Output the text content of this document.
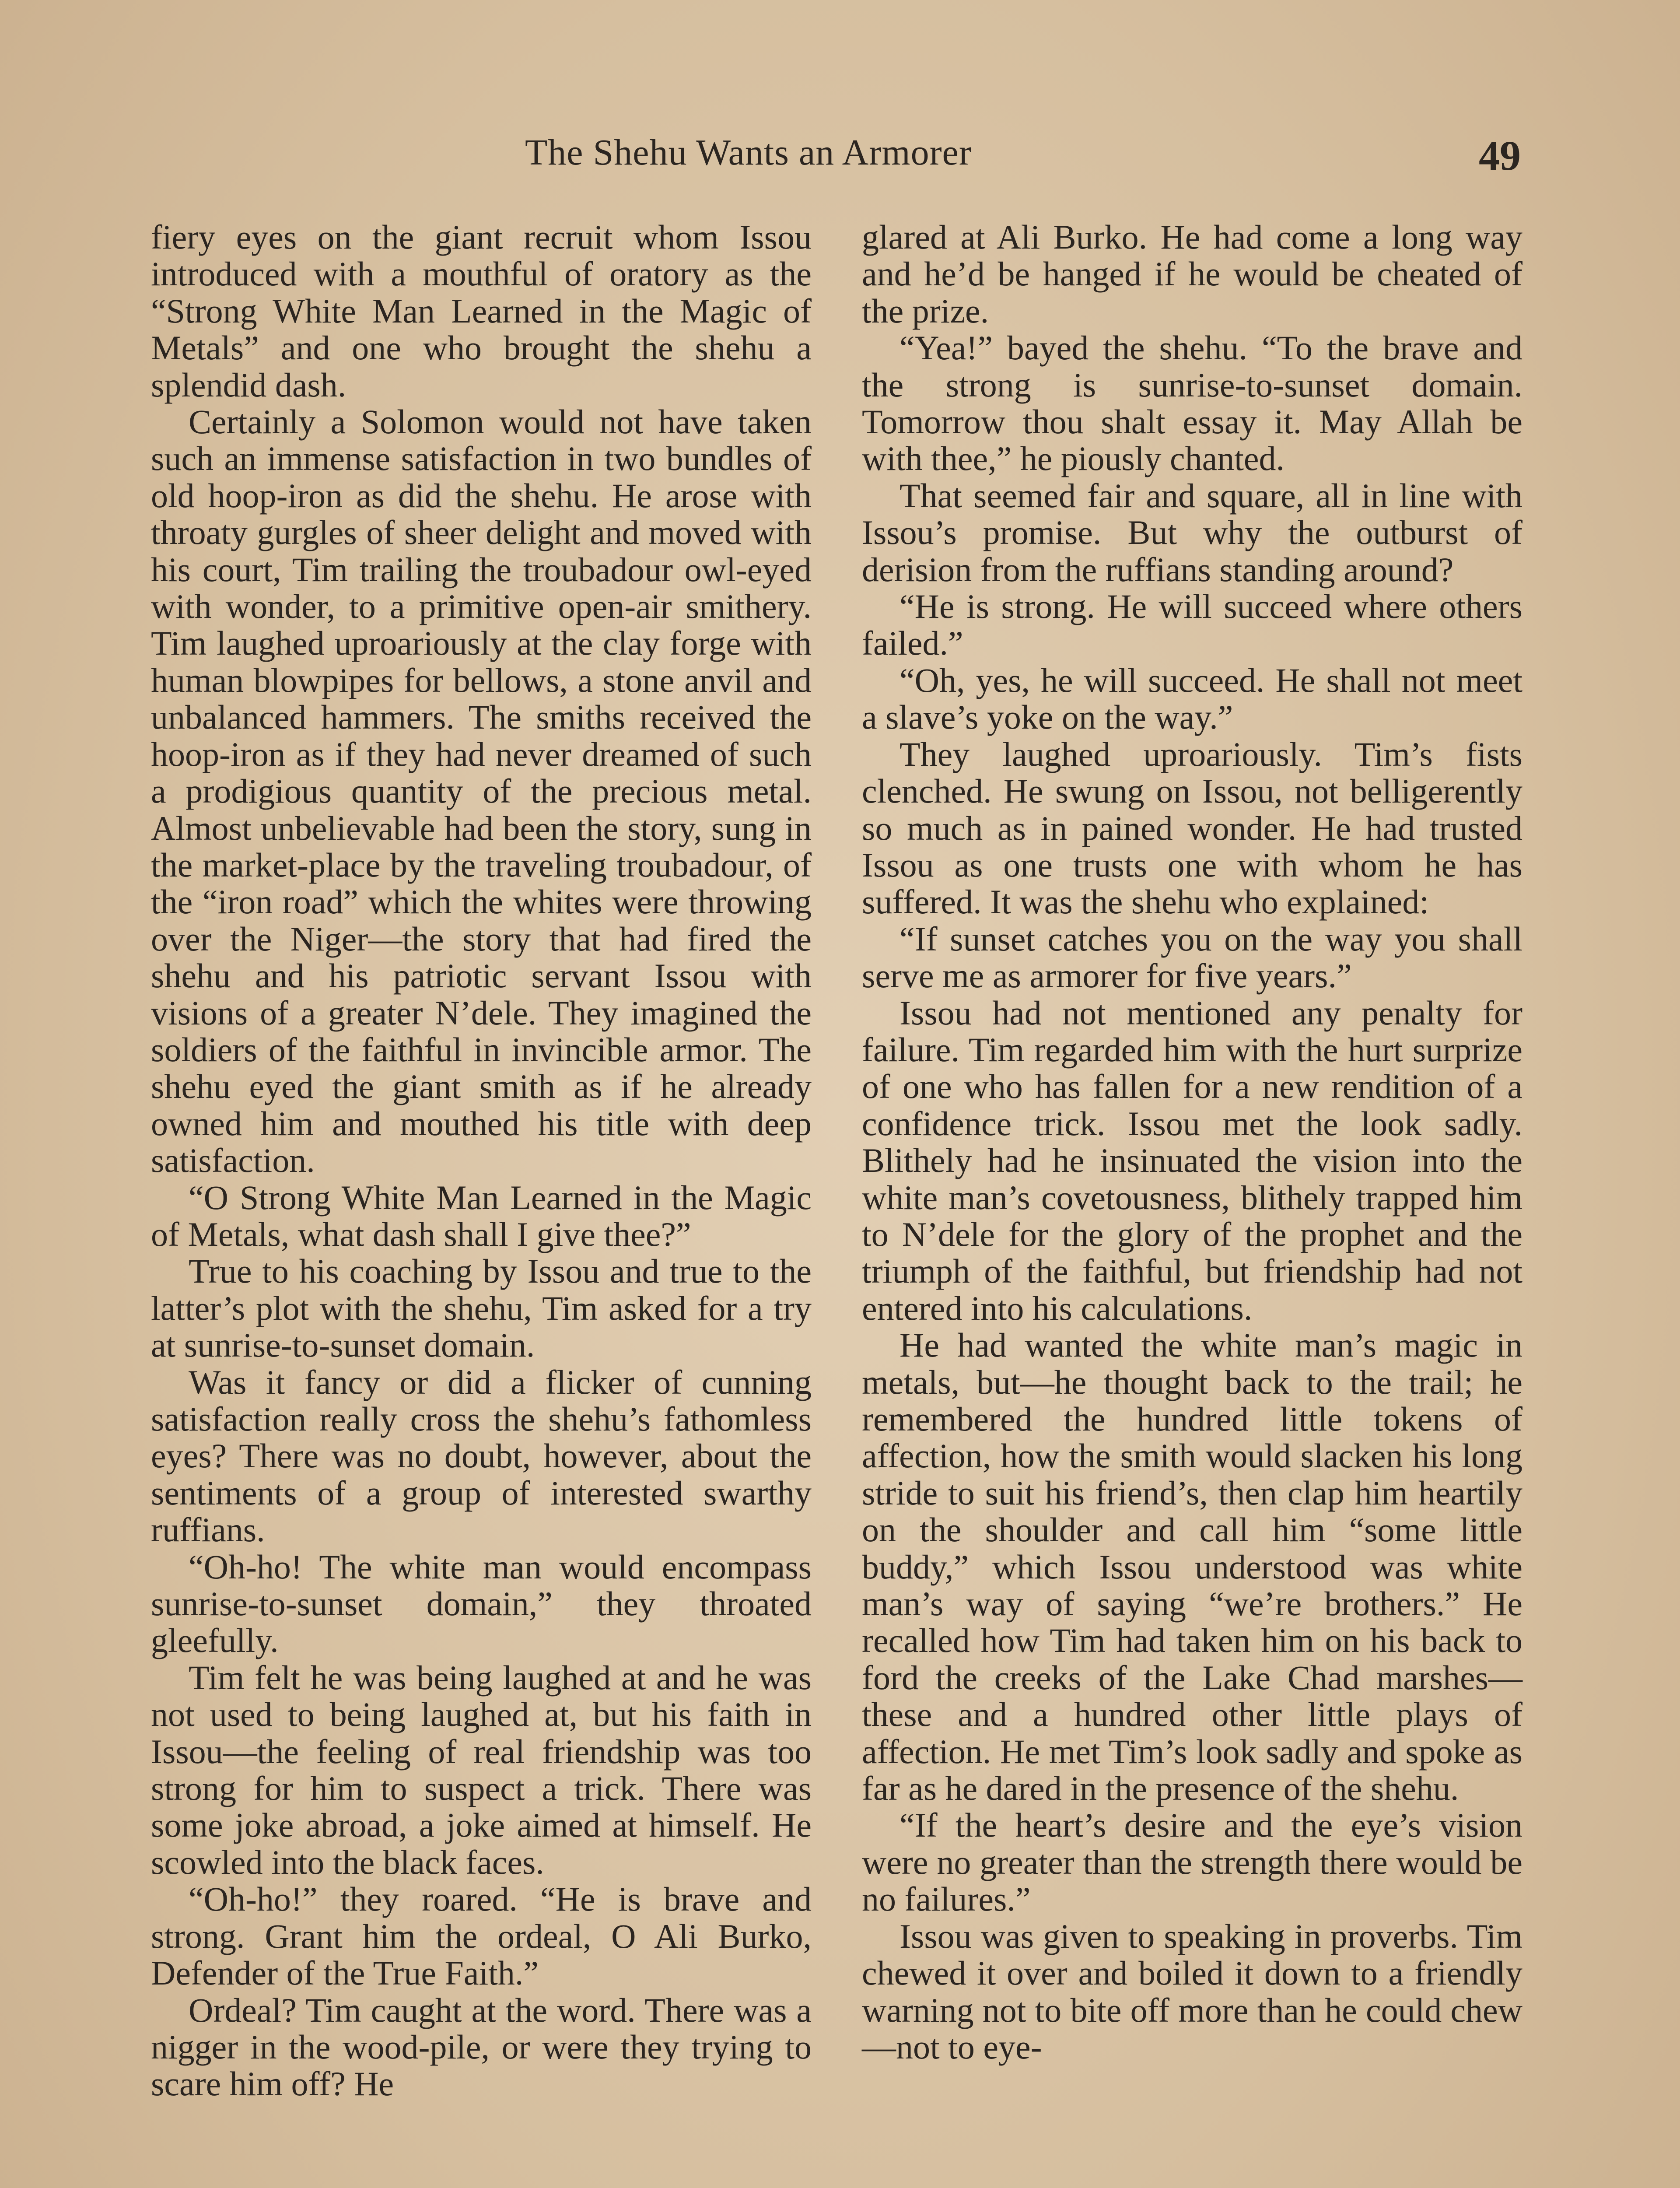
The Shehu Wants an Armorer	49

fiery eyes on the giant recruit whom Issou introduced with a mouthful of oratory as the “Strong White Man Learned in the Magic of Metals” and one who brought the shehu a splendid dash.

Certainly a Solomon would not have taken such an immense satisfaction in two bundles of old hoop-iron as did the shehu. He arose with throaty gurgles of sheer delight and moved with his court, Tim trailing the troubadour owl-eyed with wonder, to a primitive open-air smithery. Tim laughed uproariously at the clay forge with human blowpipes for bellows, a stone anvil and unbalanced hammers. The smiths received the hoop-iron as if they had never dreamed of such a prodigious quantity of the precious metal. Almost unbelievable had been the story, sung in the market-place by the traveling troubadour, of the “iron road” which the whites were throwing over the Niger—the story that had fired the shehu and his patriotic servant Issou with visions of a greater N’dele. They imagined the soldiers of the faithful in invincible armor. The shehu eyed the giant smith as if he already owned him and mouthed his title with deep satisfaction.

“O Strong White Man Learned in the Magic of Metals, what dash shall I give thee?”

True to his coaching by Issou and true to the latter’s plot with the shehu, Tim asked for a try at sunrise-to-sunset domain.

Was it fancy or did a flicker of cunning satisfaction really cross the shehu’s fathomless eyes? There was no doubt, however, about the sentiments of a group of interested swarthy ruffians.

“Oh-ho! The white man would encompass sunrise-to-sunset domain,” they throated gleefully.

Tim felt he was being laughed at and he was not used to being laughed at, but his faith in Issou—the feeling of real friendship was too strong for him to suspect a trick. There was some joke abroad, a joke aimed at himself. He scowled into the black faces.

“Oh-ho!” they roared. “He is brave and strong. Grant him the ordeal, O Ali Burko, Defender of the True Faith.”

Ordeal? Tim caught at the word. There was a nigger in the wood-pile, or were they trying to scare him off? He

glared at Ali Burko. He had come a long way and he’d be hanged if he would be cheated of the prize.

“Yea!” bayed the shehu. “To the brave and the strong is sunrise-to-sunset domain. Tomorrow thou shalt essay it. May Allah be with thee,” he piously chanted.

That seemed fair and square, all in line with Issou’s promise. But why the outburst of derision from the ruffians standing around?

“He is strong. He will succeed where others failed.”

“Oh, yes, he will succeed. He shall not meet a slave’s yoke on the way.”

They laughed uproariously. Tim’s fists clenched. He swung on Issou, not belligerently so much as in pained wonder. He had trusted Issou as one trusts one with whom he has suffered. It was the shehu who explained:

“If sunset catches you on the way you shall serve me as armorer for five years.”

Issou had not mentioned any penalty for failure. Tim regarded him with the hurt surprize of one who has fallen for a new rendition of a confidence trick. Issou met the look sadly. Blithely had he insinuated the vision into the white man’s covetousness, blithely trapped him to N’dele for the glory of the prophet and the triumph of the faithful, but friendship had not entered into his calculations.

He had wanted the white man’s magic in metals, but—he thought back to the trail; he remembered the hundred little tokens of affection, how the smith would slacken his long stride to suit his friend’s, then clap him heartily on the shoulder and call him “some little buddy,” which Issou understood was white man’s way of saying “we’re brothers.” He recalled how Tim had taken him on his back to ford the creeks of the Lake Chad marshes—these and a hundred other little plays of affection. He met Tim’s look sadly and spoke as far as he dared in the presence of the shehu.

“If the heart’s desire and the eye’s vision were no greater than the strength there would be no failures.”

Issou was given to speaking in proverbs. Tim chewed it over and boiled it down to a friendly warning not to bite off more than he could chew—not to eye-
